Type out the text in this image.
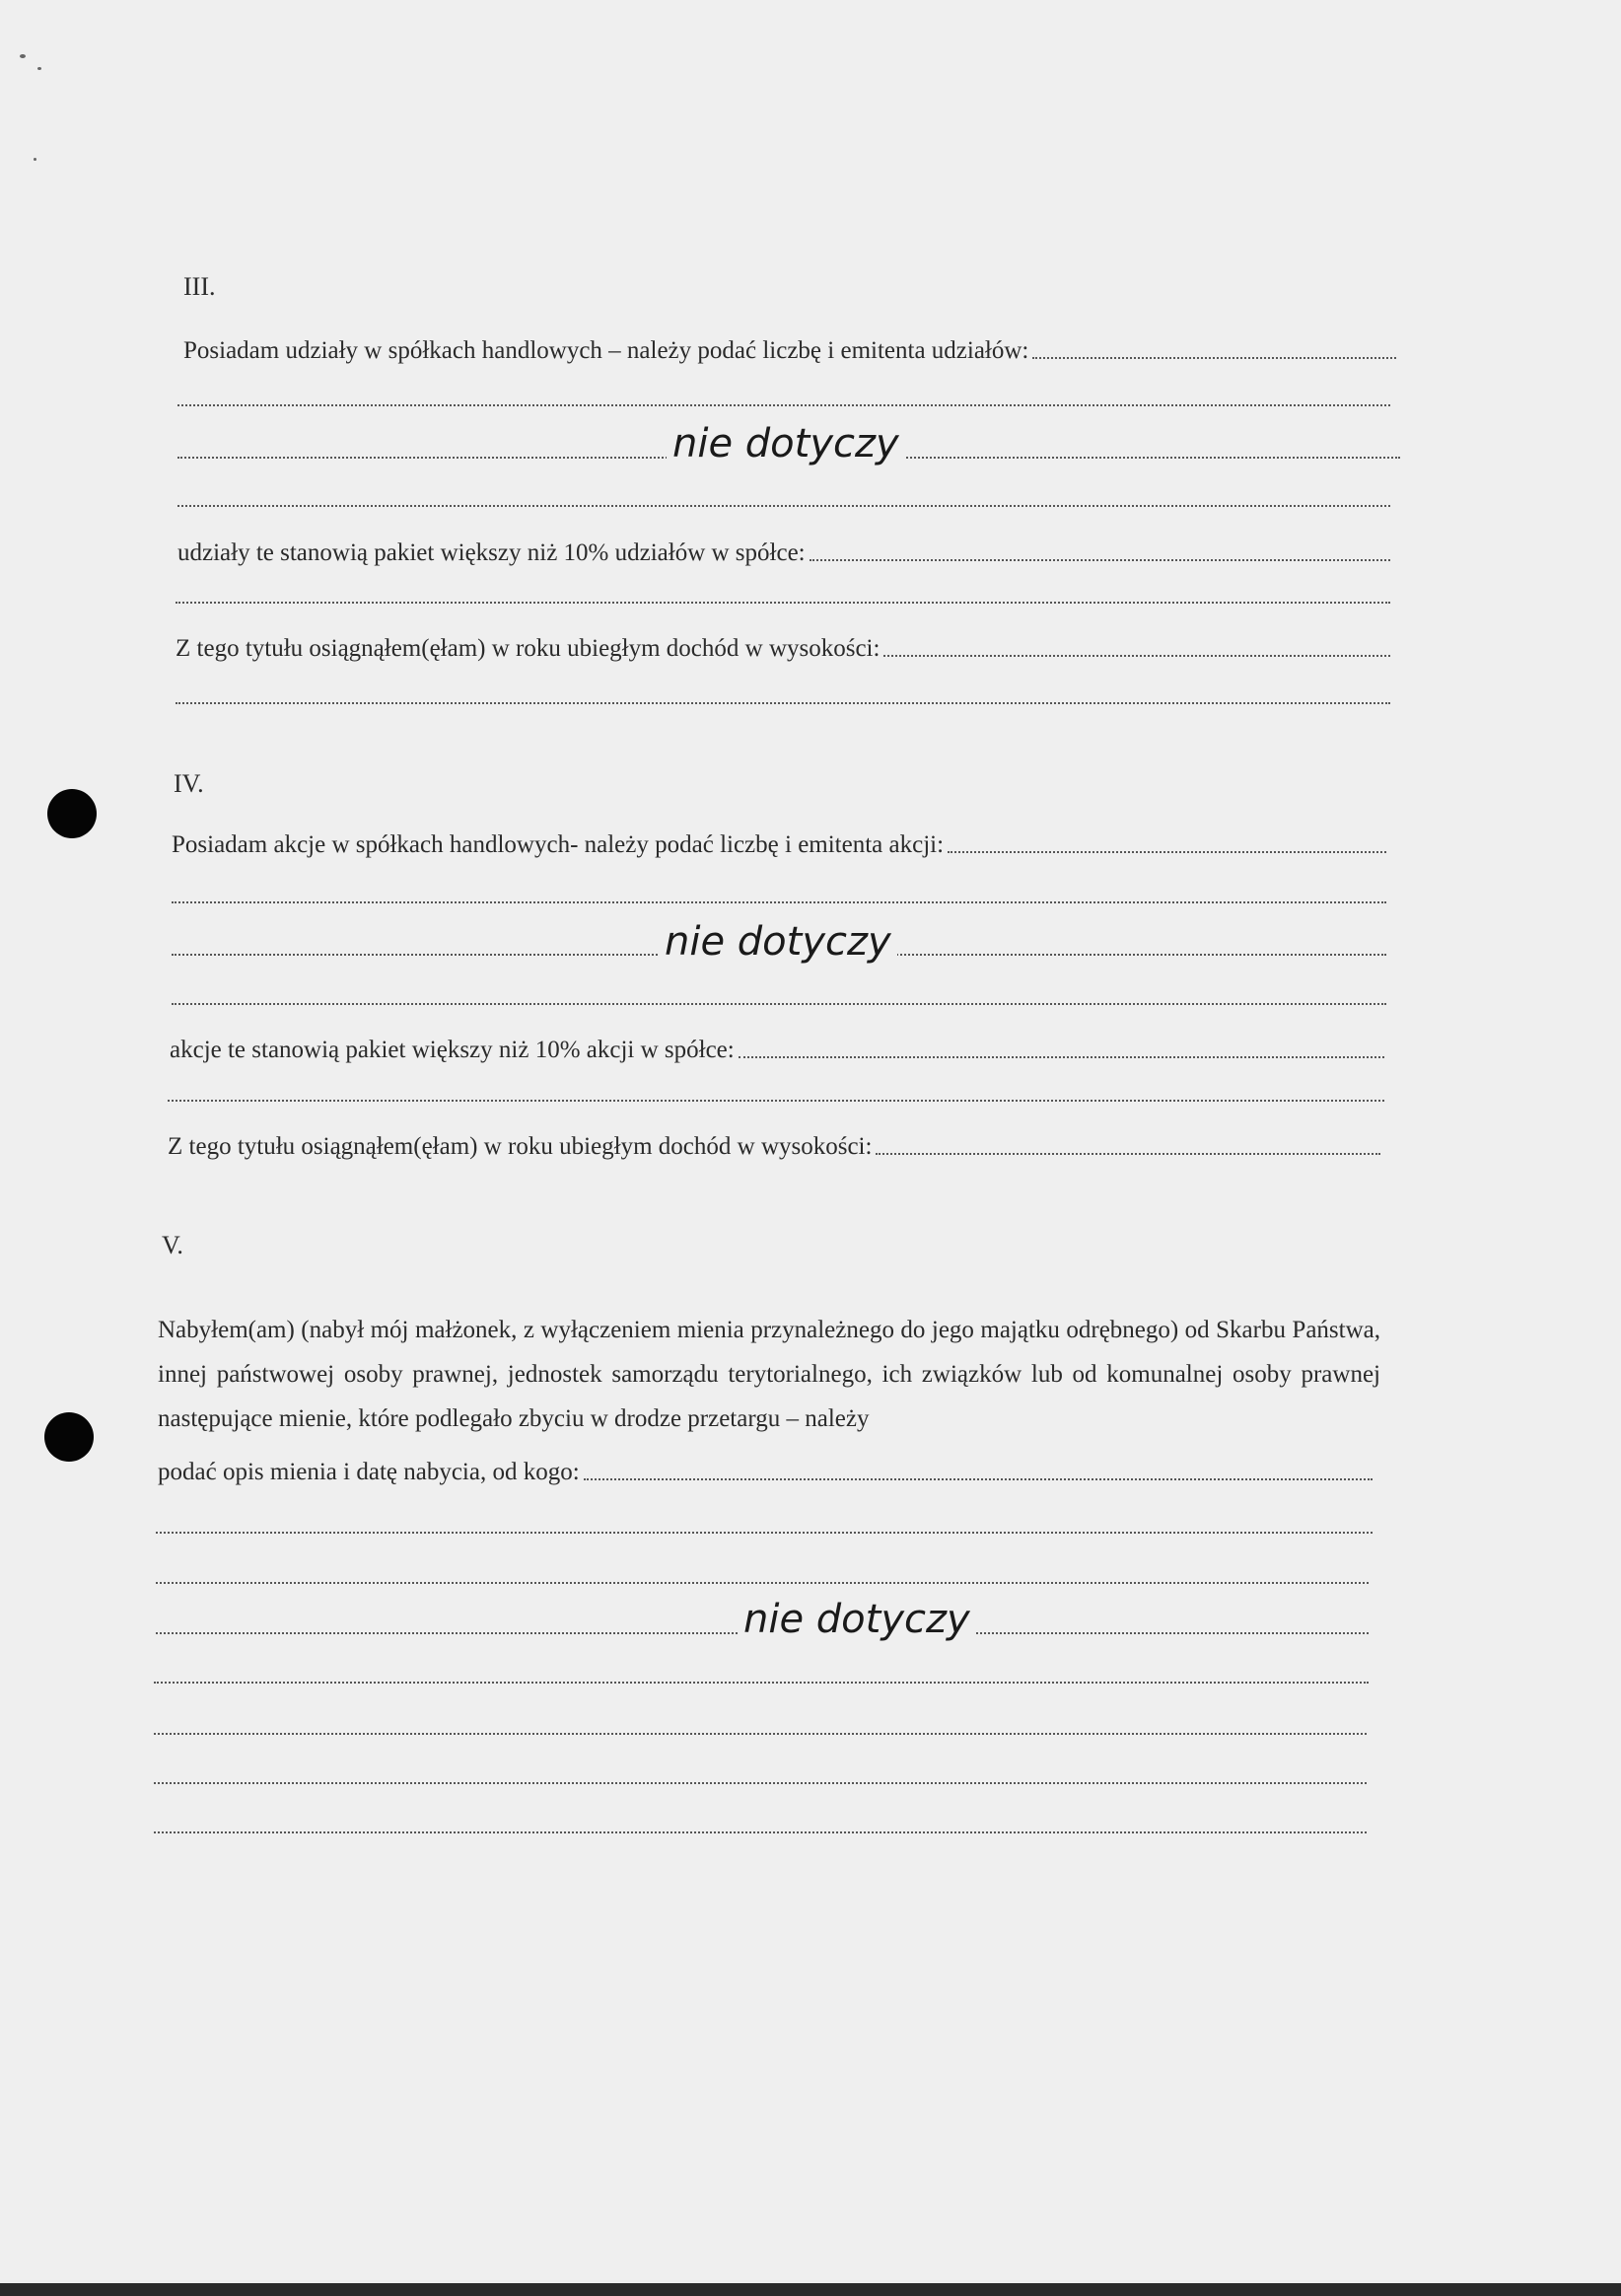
III.
Posiadam udziały w spółkach handlowych – należy podać liczbę i emitenta udziałów:
nie dotyczy
udziały te stanowią pakiet większy niż 10% udziałów w spółce:
Z tego tytułu osiągnąłem(ęłam) w roku ubiegłym dochód w wysokości:
IV.
Posiadam akcje w spółkach handlowych- należy podać liczbę i emitenta akcji:
nie dotyczy
akcje te stanowią pakiet większy niż 10% akcji w spółce:
Z tego tytułu osiągnąłem(ęłam) w roku ubiegłym dochód w wysokości:
V.
Nabyłem(am) (nabył mój małżonek, z wyłączeniem mienia przynależnego do jego majątku odrębnego) od Skarbu Państwa, innej państwowej osoby prawnej, jednostek samorządu terytorialnego, ich związków lub od komunalnej osoby prawnej następujące mienie, które podlegało zbyciu w drodze przetargu – należy
podać opis mienia i datę nabycia, od kogo:
nie dotyczy
